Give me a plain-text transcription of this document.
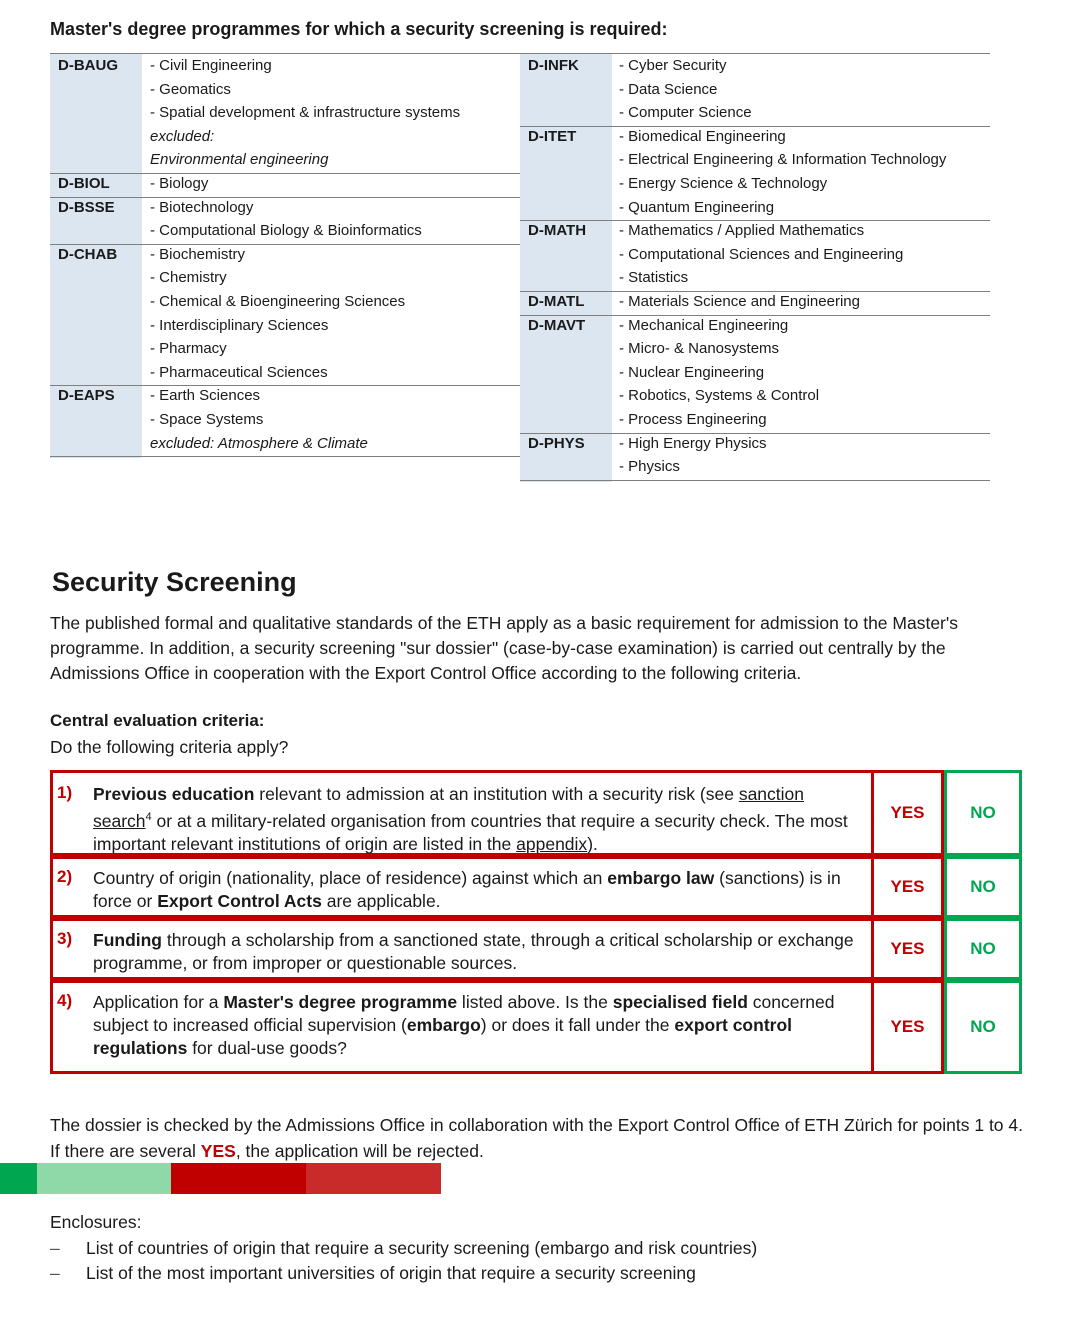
Master's degree programmes for which a security screening is required:
D-BAUG - Civil Engineering
- Geomatics
- Spatial development & infrastructure systems
excluded:
Environmental engineering
D-BIOL	- Biology
D-BSSE - Biotechnology
- Computational Biology & Bioinformatics
D-CHAB - Biochemistry
- Chemistry
- Chemical & Bioengineering Sciences
- Interdisciplinary Sciences
- Pharmacy
- Pharmaceutical Sciences
D-EAPS - Earth Sciences
- Space Systems
excluded: Atmosphere & Climate
D-INFK	- Cyber Security
- Data Science
- Computer Science
D-ITET	- Biomedical Engineering
- Electrical Engineering & Information Technology
- Energy Science & Technology
- Quantum Engineering
D-MATH - Mathematics / Applied Mathematics
- Computational Sciences and Engineering
- Statistics
D-MATL - Materials Science and Engineering
D-MAVT - Mechanical Engineering
- Micro- & Nanosystems
- Nuclear Engineering
- Robotics, Systems & Control
- Process Engineering
D-PHYS - High Energy Physics
- Physics
Security Screening
The published formal and qualitative standards of the ETH apply as a basic requirement for admission to the Master's programme. In addition, a security screening "sur dossier" (case-by-case examination) is carried out centrally by the Admissions Office in cooperation with the Export Control Office according to the following criteria.
Central evaluation criteria:
Do the following criteria apply?
1) Previous education relevant to admission at an institution with a security risk (see sanction search$^4$ or at a military-related organisation from countries that require a security check. The most important relevant institutions of origin are listed in the appendix).
YES	NO
2) Country of origin (nationality, place of residence) against which an embargo law (sanctions) is in force or Export Control Acts are applicable.
YES	NO
3) Funding through a scholarship from a sanctioned state, through a critical scholarship or exchange programme, or from improper or questionable sources.
YES	NO
4) Application for a Master's degree programme listed above. Is the specialised field concerned subject to increased official supervision (embargo) or does it fall under the export control regulations for dual-use goods?
YES	NO
The dossier is checked by the Admissions Office in collaboration with the Export Control Office of ETH Zürich for points 1 to 4. If there are several YES, the application will be rejected.
Enclosures:
– List of countries of origin that require a security screening (embargo and risk countries)
– List of the most important universities of origin that require a security screening
